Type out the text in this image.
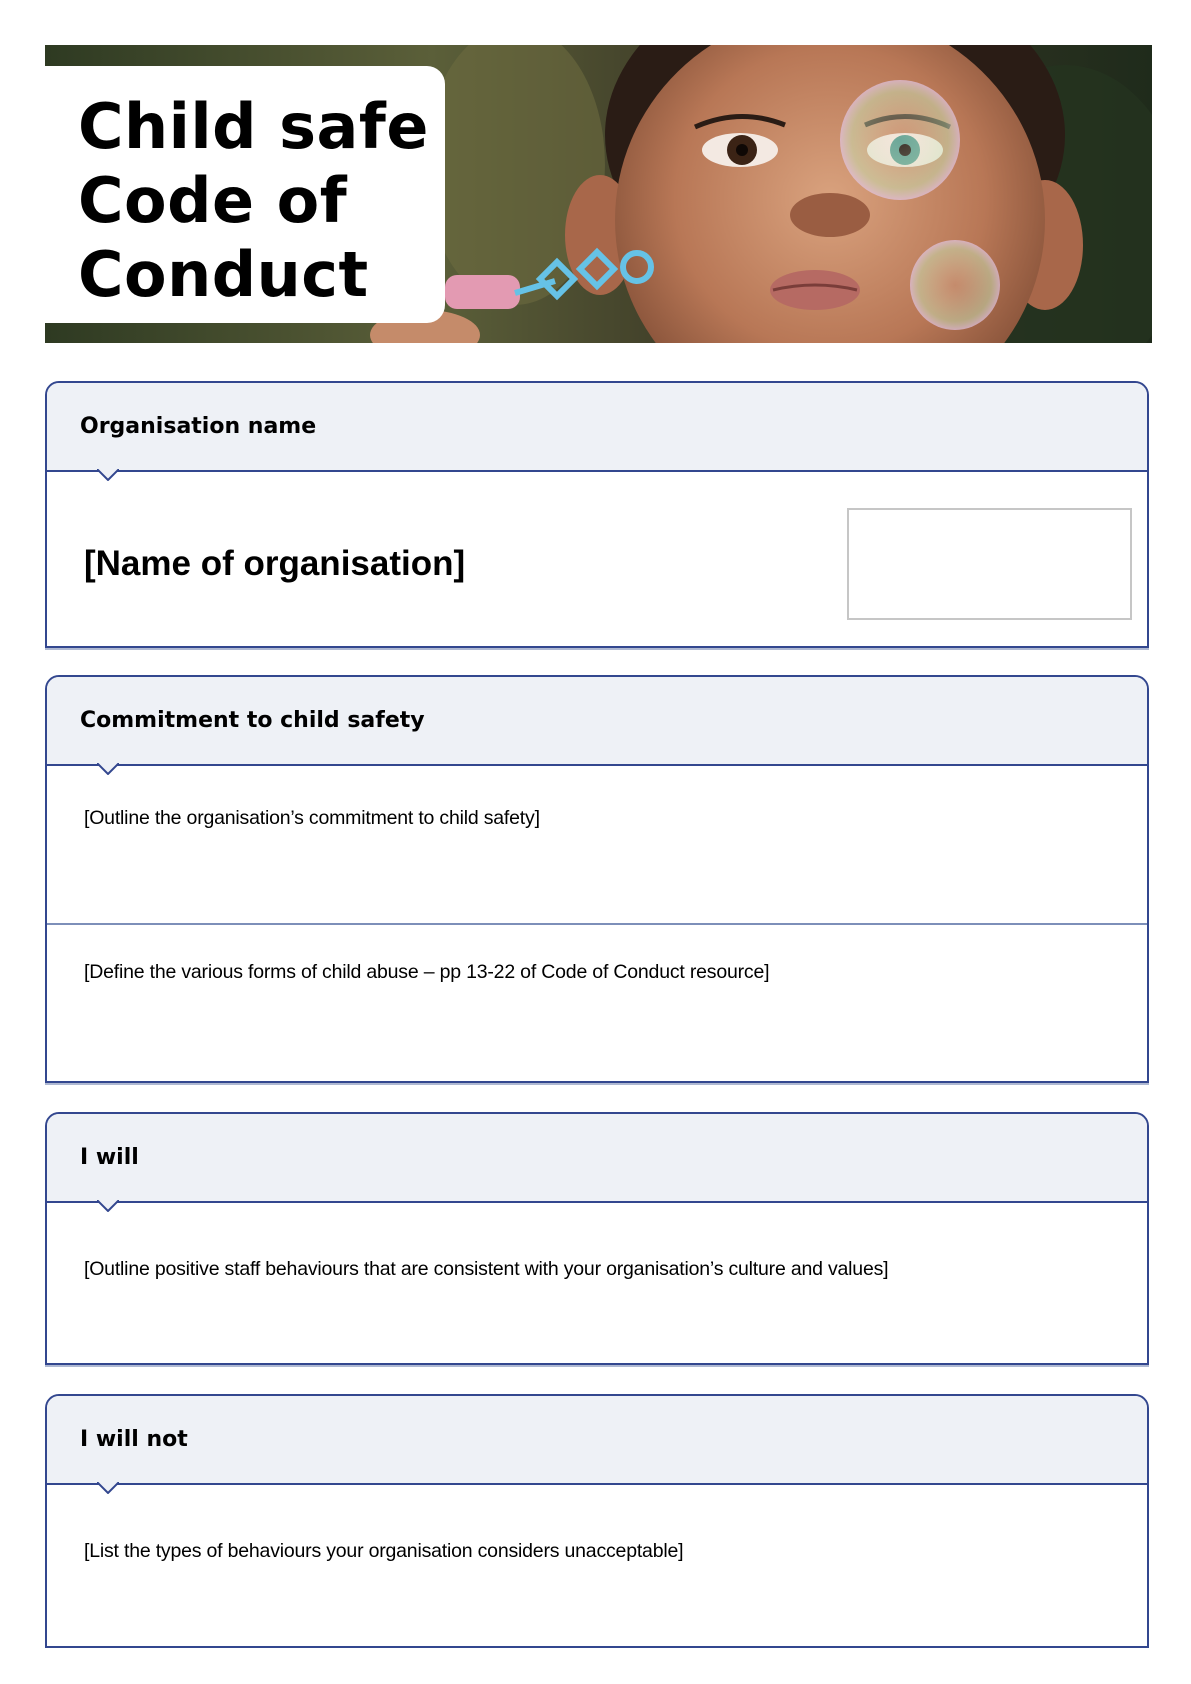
Child safe
Code of
Conduct
Organisation name

[Name of organisation]

Commitment to child safety

[Outline the organisation’s commitment to child safety]

[Define the various forms of child abuse – pp 13-22 of Code of Conduct resource]

I will

[Outline positive staff behaviours that are consistent with your organisation’s culture and values]

I will not

[List the types of behaviours your organisation considers unacceptable]
